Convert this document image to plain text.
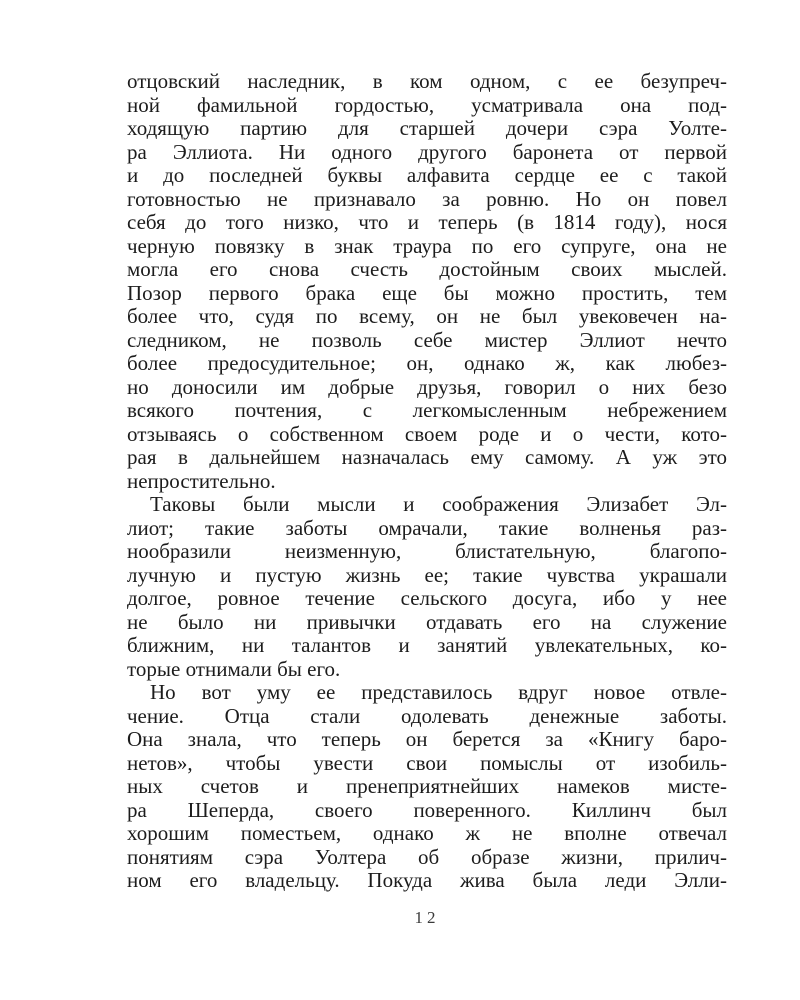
отцовский наследник, в ком одном, с ее безупреч-
ной фамильной гордостью, усматривала она под-
ходящую партию для старшей дочери сэра Уолте-
ра Эллиота. Ни одного другого баронета от первой
и до последней буквы алфавита сердце ее с такой
готовностью не признавало за ровню. Но он повел
себя до того низко, что и теперь (в 1814 году), нося
черную повязку в знак траура по его супруге, она не
могла его снова счесть достойным своих мыслей.
Позор первого брака еще бы можно простить, тем
более что, судя по всему, он не был увековечен на-
следником, не позволь себе мистер Эллиот нечто
более предосудительное; он, однако ж, как любез-
но доносили им добрые друзья, говорил о них безо
всякого почтения, с легкомысленным небрежением
отзываясь о собственном своем роде и о чести, кото-
рая в дальнейшем назначалась ему самому. А уж это
непростительно.
Таковы были мысли и соображения Элизабет Эл-
лиот; такие заботы омрачали, такие волненья раз-
нообразили неизменную, блистательную, благопо-
лучную и пустую жизнь ее; такие чувства украшали
долгое, ровное течение сельского досуга, ибо у нее
не было ни привычки отдавать его на служение
ближним, ни талантов и занятий увлекательных, ко-
торые отнимали бы его.
Но вот уму ее представилось вдруг новое отвле-
чение. Отца стали одолевать денежные заботы.
Она знала, что теперь он берется за «Книгу баро-
нетов», чтобы увести свои помыслы от изобиль-
ных счетов и пренеприятнейших намеков мисте-
ра Шеперда, своего поверенного. Киллинч был
хорошим поместьем, однако ж не вполне отвечал
понятиям сэра Уолтера об образе жизни, прилич-
ном его владельцу. Покуда жива была леди Элли-
12
